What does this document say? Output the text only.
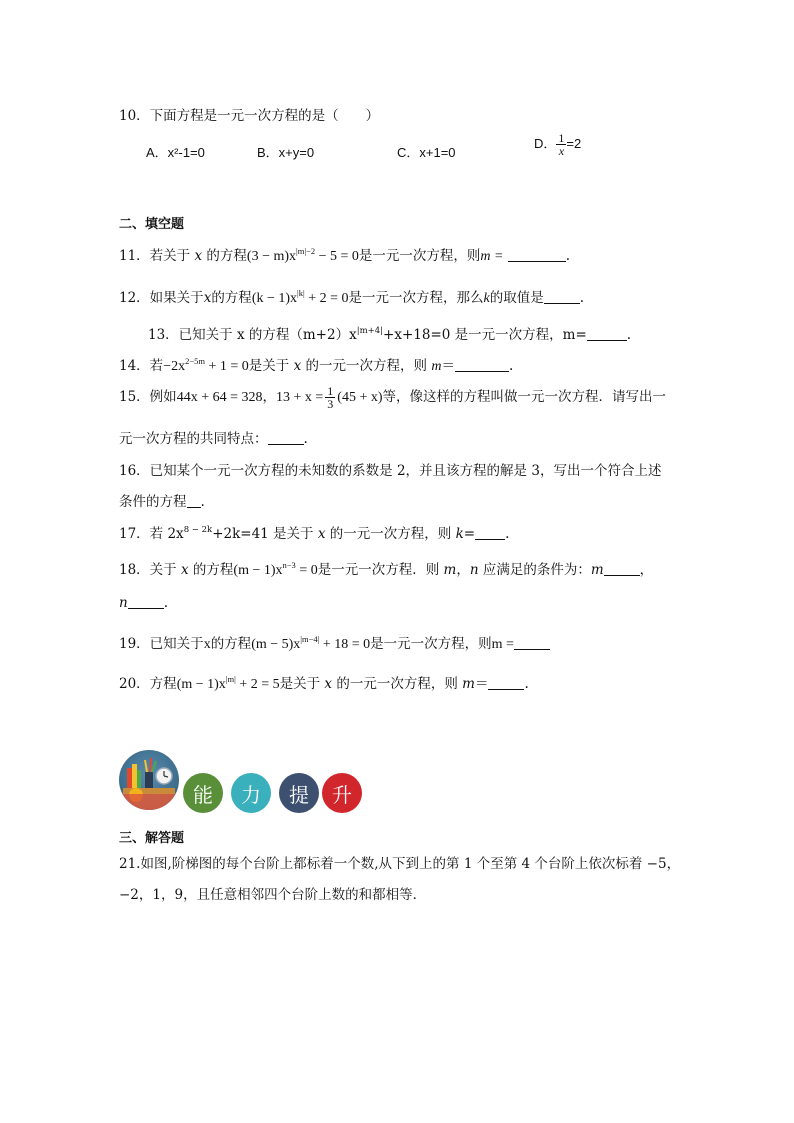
10．下面方程是一元一次方程的是（　　）
A．x²-1=0	B．x+y=0	C．x+1=0
D． $\frac{1}{x} =2$
二、填空题
11．若关于 x 的方程$(3 - m)x^{|m|-2} - 5 = 0$是一元一次方程，则m =	.
12．如果关于x的方程$(k - 1)x^{|k|} + 2 = 0$是一元一次方程，那么k的取值是	.
13．已知关于 x 的方程$(m+2)x^{|m+4|}+x+18=0$ 是一元一次方程，m=	.
14．若$-2x^{2-5m} + 1 = 0$是关于 x 的一元一次方程，则 m＝	.
15．例如44x + 64 = 328，$13 + x = \frac{1}{3} (45 + x)$等，像这样的方程叫做一元一次方程．请写出一
元一次方程的共同特点：	.
16．已知某个一元一次方程的未知数的系数是 2，并且该方程的解是 3，写出一个符合上述
条件的方程 .
17．若 $2x^{8 - 2k}+2k=41$ 是关于 x 的一元一次方程，则 k= .
18．关于 x 的方程$(m - 1)x^{n-3} = 0$是一元一次方程．则 m，n 应满足的条件为：m	，
n	.
19．已知关于x的方程$(m - 5)x^{|m-4|} + 18 = 0$是一元一次方程，则m =
20．方程$(m - 1)x^{|m|} + 2 = 5$是关于 x 的一元一次方程，则 m＝	.
能	力	提	升
三、解答题
21.如图,阶梯图的每个台阶上都标着一个数,从下到上的第 1 个至第 4 个台阶上依次标着 −5，
−2，1，9，且任意相邻四个台阶上数的和都相等．
